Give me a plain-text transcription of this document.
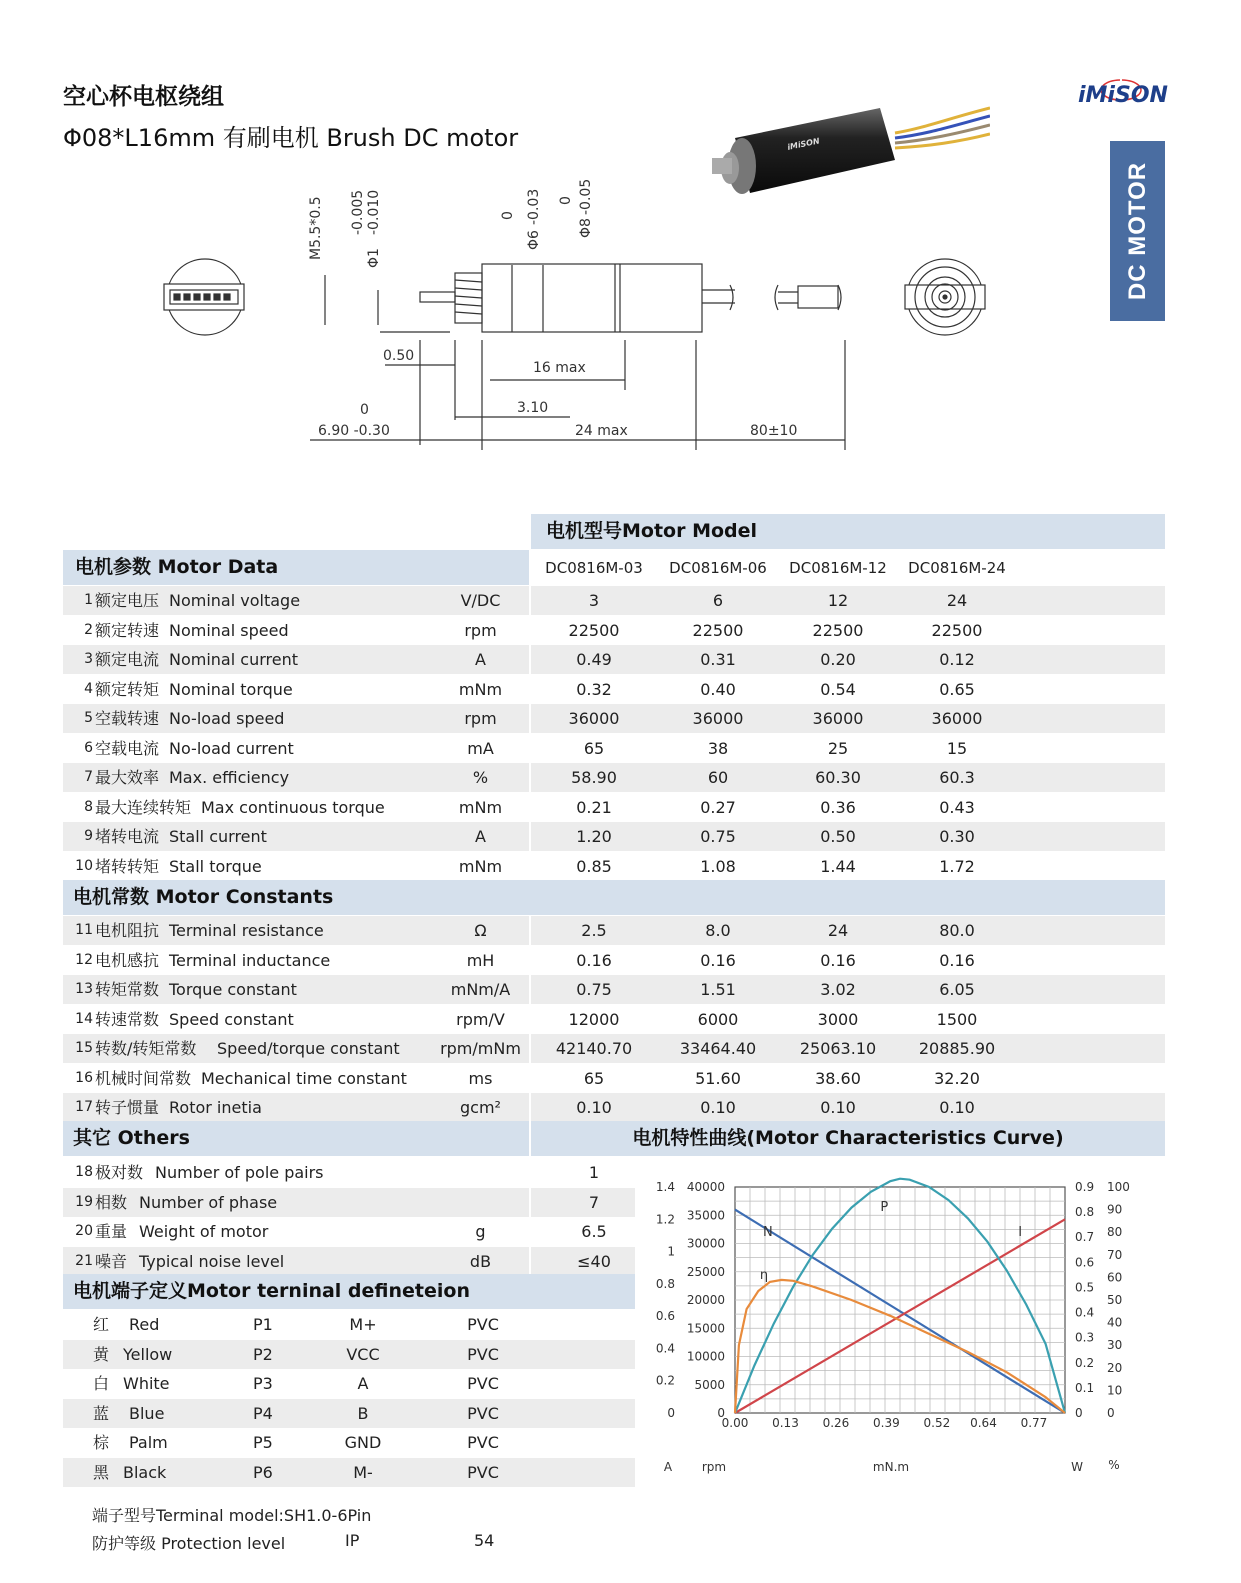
空心杯电枢绕组
Φ08*L16mm 有刷电机 Brush DC motor
iMiSON
DC MOTOR
iMiSON
M5.5*0.5 -0.005 -0.010
Φ1
0 -0.03
Φ6
0 -0.05
Φ8
0.50
16 max
3.10
0
6.90 -0.30	24 max	80±10
电机型号Motor Model
电机参数 Motor Data	DC0816M-03	DC0816M-06	DC0816M-12	DC0816M-24
1 额定电压 Nominal voltage	V/DC	3	6	12	24
2 额定转速 Nominal speed	rpm	22500	22500	22500	22500
3 额定电流 Nominal current	A	0.49	0.31	0.20	0.12
4 额定转矩 Nominal torque	mNm	0.32	0.40	0.54	0.65
5 空载转速 No-load speed	rpm	36000	36000	36000	36000
6 空载电流 No-load current	mA	65	38	25	15
7 最大效率 Max. efficiency	%	58.90	60	60.30	60.3
8 最大连续转矩 Max continuous torque	mNm	0.21	0.27	0.36	0.43
9 堵转电流 Stall current	A	1.20	0.75	0.50	0.30
10 堵转转矩 Stall torque	mNm	0.85	1.08	1.44	1.72
电机常数 Motor Constants
11 电机阻抗 Terminal resistance	Ω	2.5	8.0	24	80.0
12 电机感抗 Terminal inductance	mH	0.16	0.16	0.16	0.16
13 转矩常数 Torque constant	mNm/A	0.75	1.51	3.02	6.05
14 转速常数 Speed constant	rpm/V	12000	6000	3000	1500
15 转数/转矩常数 Speed/torque constant	rpm/mNm	42140.70	33464.40	25063.10	20885.90
16 机械时间常数 Mechanical time constant	ms	65	51.60	38.60	32.20
17 转子惯量 Rotor inetia	gcm²	0.10	0.10	0.10	0.10
其它 Others	电机特性曲线(Motor Characteristics Curve)
18 极对数 Number of pole pairs	1
19 相数 Number of phase	7
20 重量 Weight of motor	g	6.5
21 噪音 Typical noise level	dB	≤40
电机端子定义Motor terninal defineteion
红 Red	P1	M+	PVC
黄 Yellow	P2	VCC	PVC
白 White	P3	A	PVC
蓝 Blue	P4	B	PVC
棕 Palm	P5	GND	PVC
黑 Black	P6	M-	PVC
端子型号Terminal model:SH1.0-6Pin
防护等级 Protection level	IP	54
0.00 0.13 0.26 0.39 0.52 0.64 0.77
0
0.2
0.4
0.6
0.8
1
1.2
1.4
0
5000
10000
15000
20000
25000
30000
35000
40000
0
0.1
0.2
0.3
0.4
0.5
0.6
0.7
0.8
0.9
0
10
20
30
40
50
60
70
80
90
100
A rpm	mN.m	W %
N	I
P
η
